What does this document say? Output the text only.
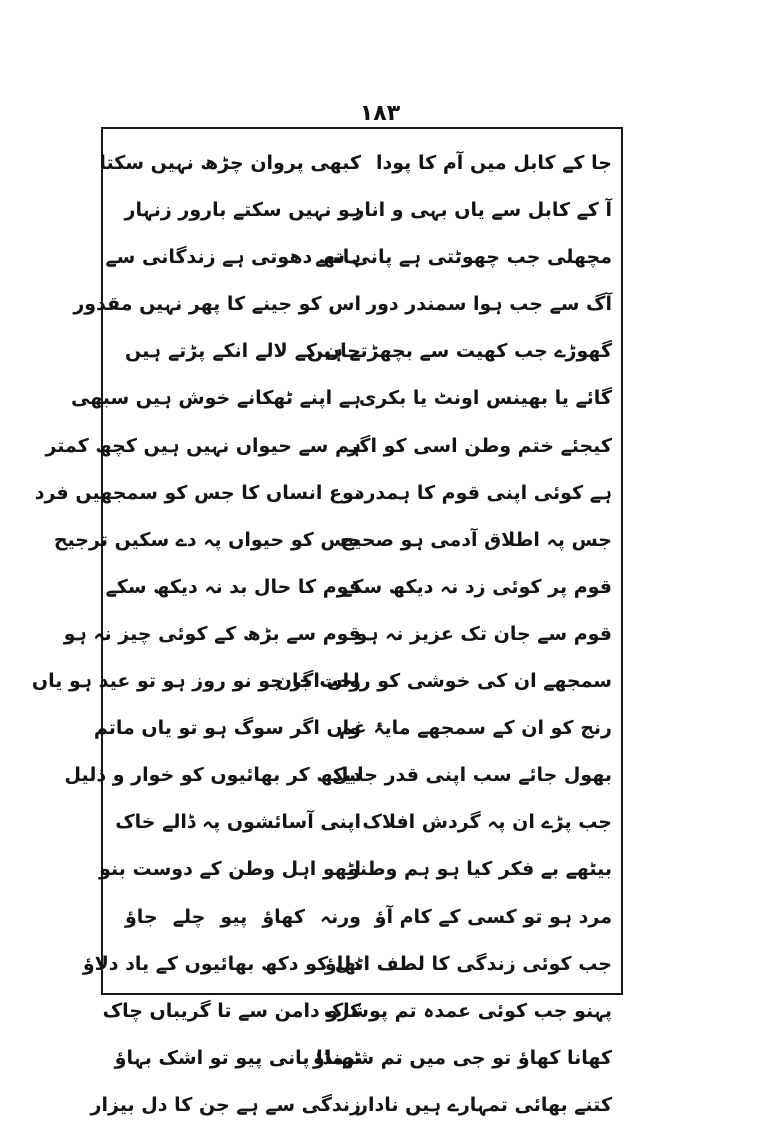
۱۸۳
جا کے کابل میں آم کا پودا
آ کے کابل سے یاں بہی و انار
مچھلی جب چھوٹتی ہے پانی سے
آگ سے جب ہوا سمندر دور
گھوڑے جب کھیت سے بچھڑتے ہیں
گائے یا بھینس اونٹ یا بکری
کیجئے ختم وطن اسی کو اگر
ہے کوئی اپنی قوم کا ہمدرد
جس پہ اطلاق آدمی ہو صحیح
قوم پر کوئی زد نہ دیکھ سکے
قوم سے جان تک عزیز نہ ہو
سمجھے ان کی خوشی کو راحت جان
رنج کو ان کے سمجھے مایۂ غم
بھول جائے سب اپنی قدر جلیل
جب پڑے ان پہ گردش افلاک
بیٹھے بے فکر کیا ہو ہم وطنو
مرد ہو تو کسی کے کام آؤ
جب کوئی زندگی کا لطف اٹھاؤ
پہنو جب کوئی عمدہ تم پوشاک
کھانا کھاؤ تو جی میں تم شرماؤ
کتنے بھائی تمہارے ہیں نادار
کبھی پروان چڑھ نہیں سکتا
ہو نہیں سکتے بارور زنہار
ہاتھ دھوتی ہے زندگانی سے
اس کو جینے کا پھر نہیں مقدور
جان کے لالے انکے پڑتے ہیں
ہے اپنے ٹھکانے خوش ہیں سبھی
ہم سے حیواں نہیں ہیں کچھ کمتر
نوع انساں کا جس کو سمجھیں فرد
جس کو حیواں پہ دے سکیں ترجیح
قوم کا حال بد نہ دیکھ سکے
قوم سے بڑھ کے کوئی چیز نہ ہو
واں اگر جو نو روز ہو تو عید ہو یاں
واں اگر سوگ ہو تو یاں ماتم
دیکھ کر بھائیوں کو خوار و ذلیل
اپنی آسائشوں پہ ڈالے خاک
اٹھو اہل وطن کے دوست بنو
ورنہ کھاؤ پیو چلے جاؤ
دل کو دکھ بھائیوں کے یاد دلاؤ
کرو دامن سے تا گریباں چاک
ٹھنڈا پانی پیو تو اشک بہاؤ
زندگی سے ہے جن کا دل بیزار
